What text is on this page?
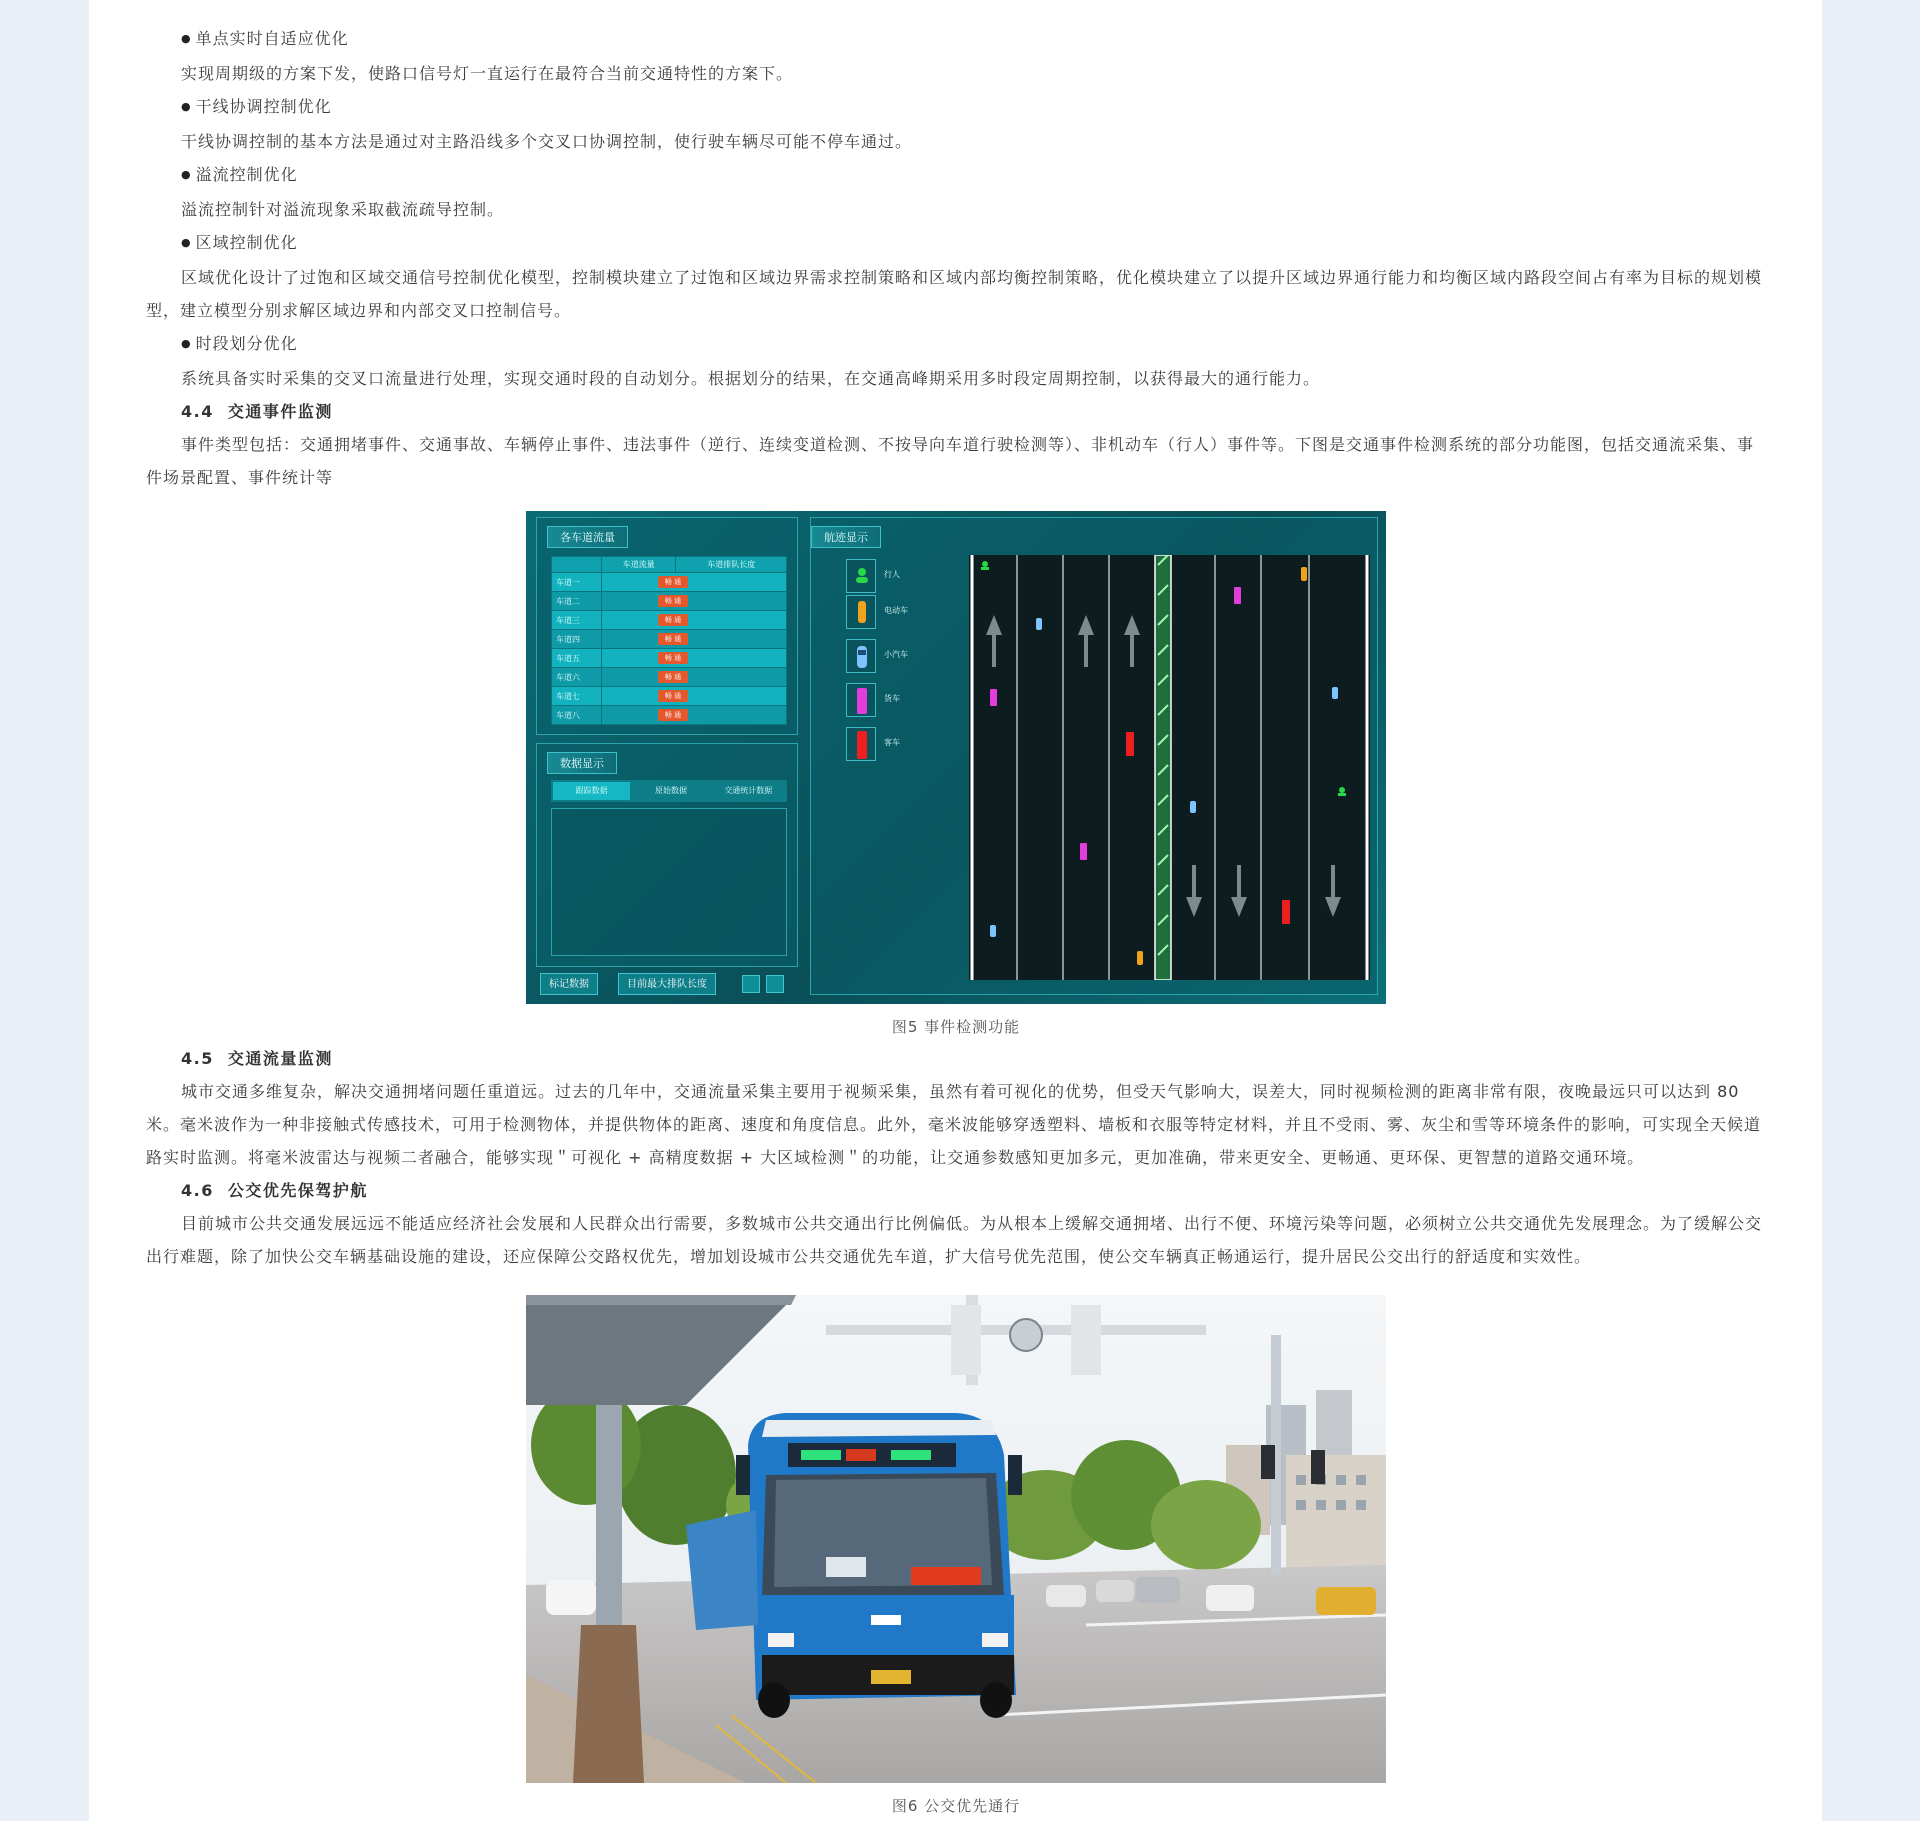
● 单点实时自适应优化

实现周期级的方案下发，使路口信号灯一直运行在最符合当前交通特性的方案下。

● 干线协调控制优化

干线协调控制的基本方法是通过对主路沿线多个交叉口协调控制，使行驶车辆尽可能不停车通过。

● 溢流控制优化

溢流控制针对溢流现象采取截流疏导控制。

● 区域控制优化

区域优化设计了过饱和区域交通信号控制优化模型，控制模块建立了过饱和区域边界需求控制策略和区域内部均衡控制策略，优化模块建立了以提升区域边界通行能力和均衡区域内路段空间占有率为目标的规划模型，建立模型分别求解区域边界和内部交叉口控制信号。

● 时段划分优化

系统具备实时采集的交叉口流量进行处理，实现交通时段的自动划分。根据划分的结果，在交通高峰期采用多时段定周期控制，以获得最大的通行能力。

4.4 交通事件监测

事件类型包括：交通拥堵事件、交通事故、车辆停止事件、违法事件（逆行、连续变道检测、不按导向车道行驶检测等）、非机动车（行人）事件等。下图是交通事件检测系统的部分功能图，包括交通流采集、事件场景配置、事件统计等

各车道流量
	车道流量	车道排队长度
车道一	畅 通	
车道二	畅 通	
车道三	畅 通	
车道四	畅 通	
车道五	畅 通	
车道六	畅 通	
车道七	畅 通	
车道八	畅 通	
数据显示
跟踪数据	原始数据	交通统计数据
标记数据	目前最大排队长度
航迹显示
行人
电动车
小汽车
货车
客车

图5 事件检测功能

4.5 交通流量监测

城市交通多维复杂，解决交通拥堵问题任重道远。过去的几年中，交通流量采集主要用于视频采集，虽然有着可视化的优势，但受天气影响大，误差大，同时视频检测的距离非常有限，夜晚最远只可以达到 80 米。毫米波作为一种非接触式传感技术，可用于检测物体，并提供物体的距离、速度和角度信息。此外，毫米波能够穿透塑料、墙板和衣服等特定材料，并且不受雨、雾、灰尘和雪等环境条件的影响，可实现全天候道路实时监测。将毫米波雷达与视频二者融合，能够实现＂可视化 + 高精度数据 + 大区域检测＂的功能，让交通参数感知更加多元，更加准确，带来更安全、更畅通、更环保、更智慧的道路交通环境。

4.6 公交优先保驾护航

目前城市公共交通发展远远不能适应经济社会发展和人民群众出行需要，多数城市公共交通出行比例偏低。为从根本上缓解交通拥堵、出行不便、环境污染等问题，必须树立公共交通优先发展理念。为了缓解公交出行难题，除了加快公交车辆基础设施的建设，还应保障公交路权优先，增加划设城市公共交通优先车道，扩大信号优先范围，使公交车辆真正畅通运行，提升居民公交出行的舒适度和实效性。

图6 公交优先通行
